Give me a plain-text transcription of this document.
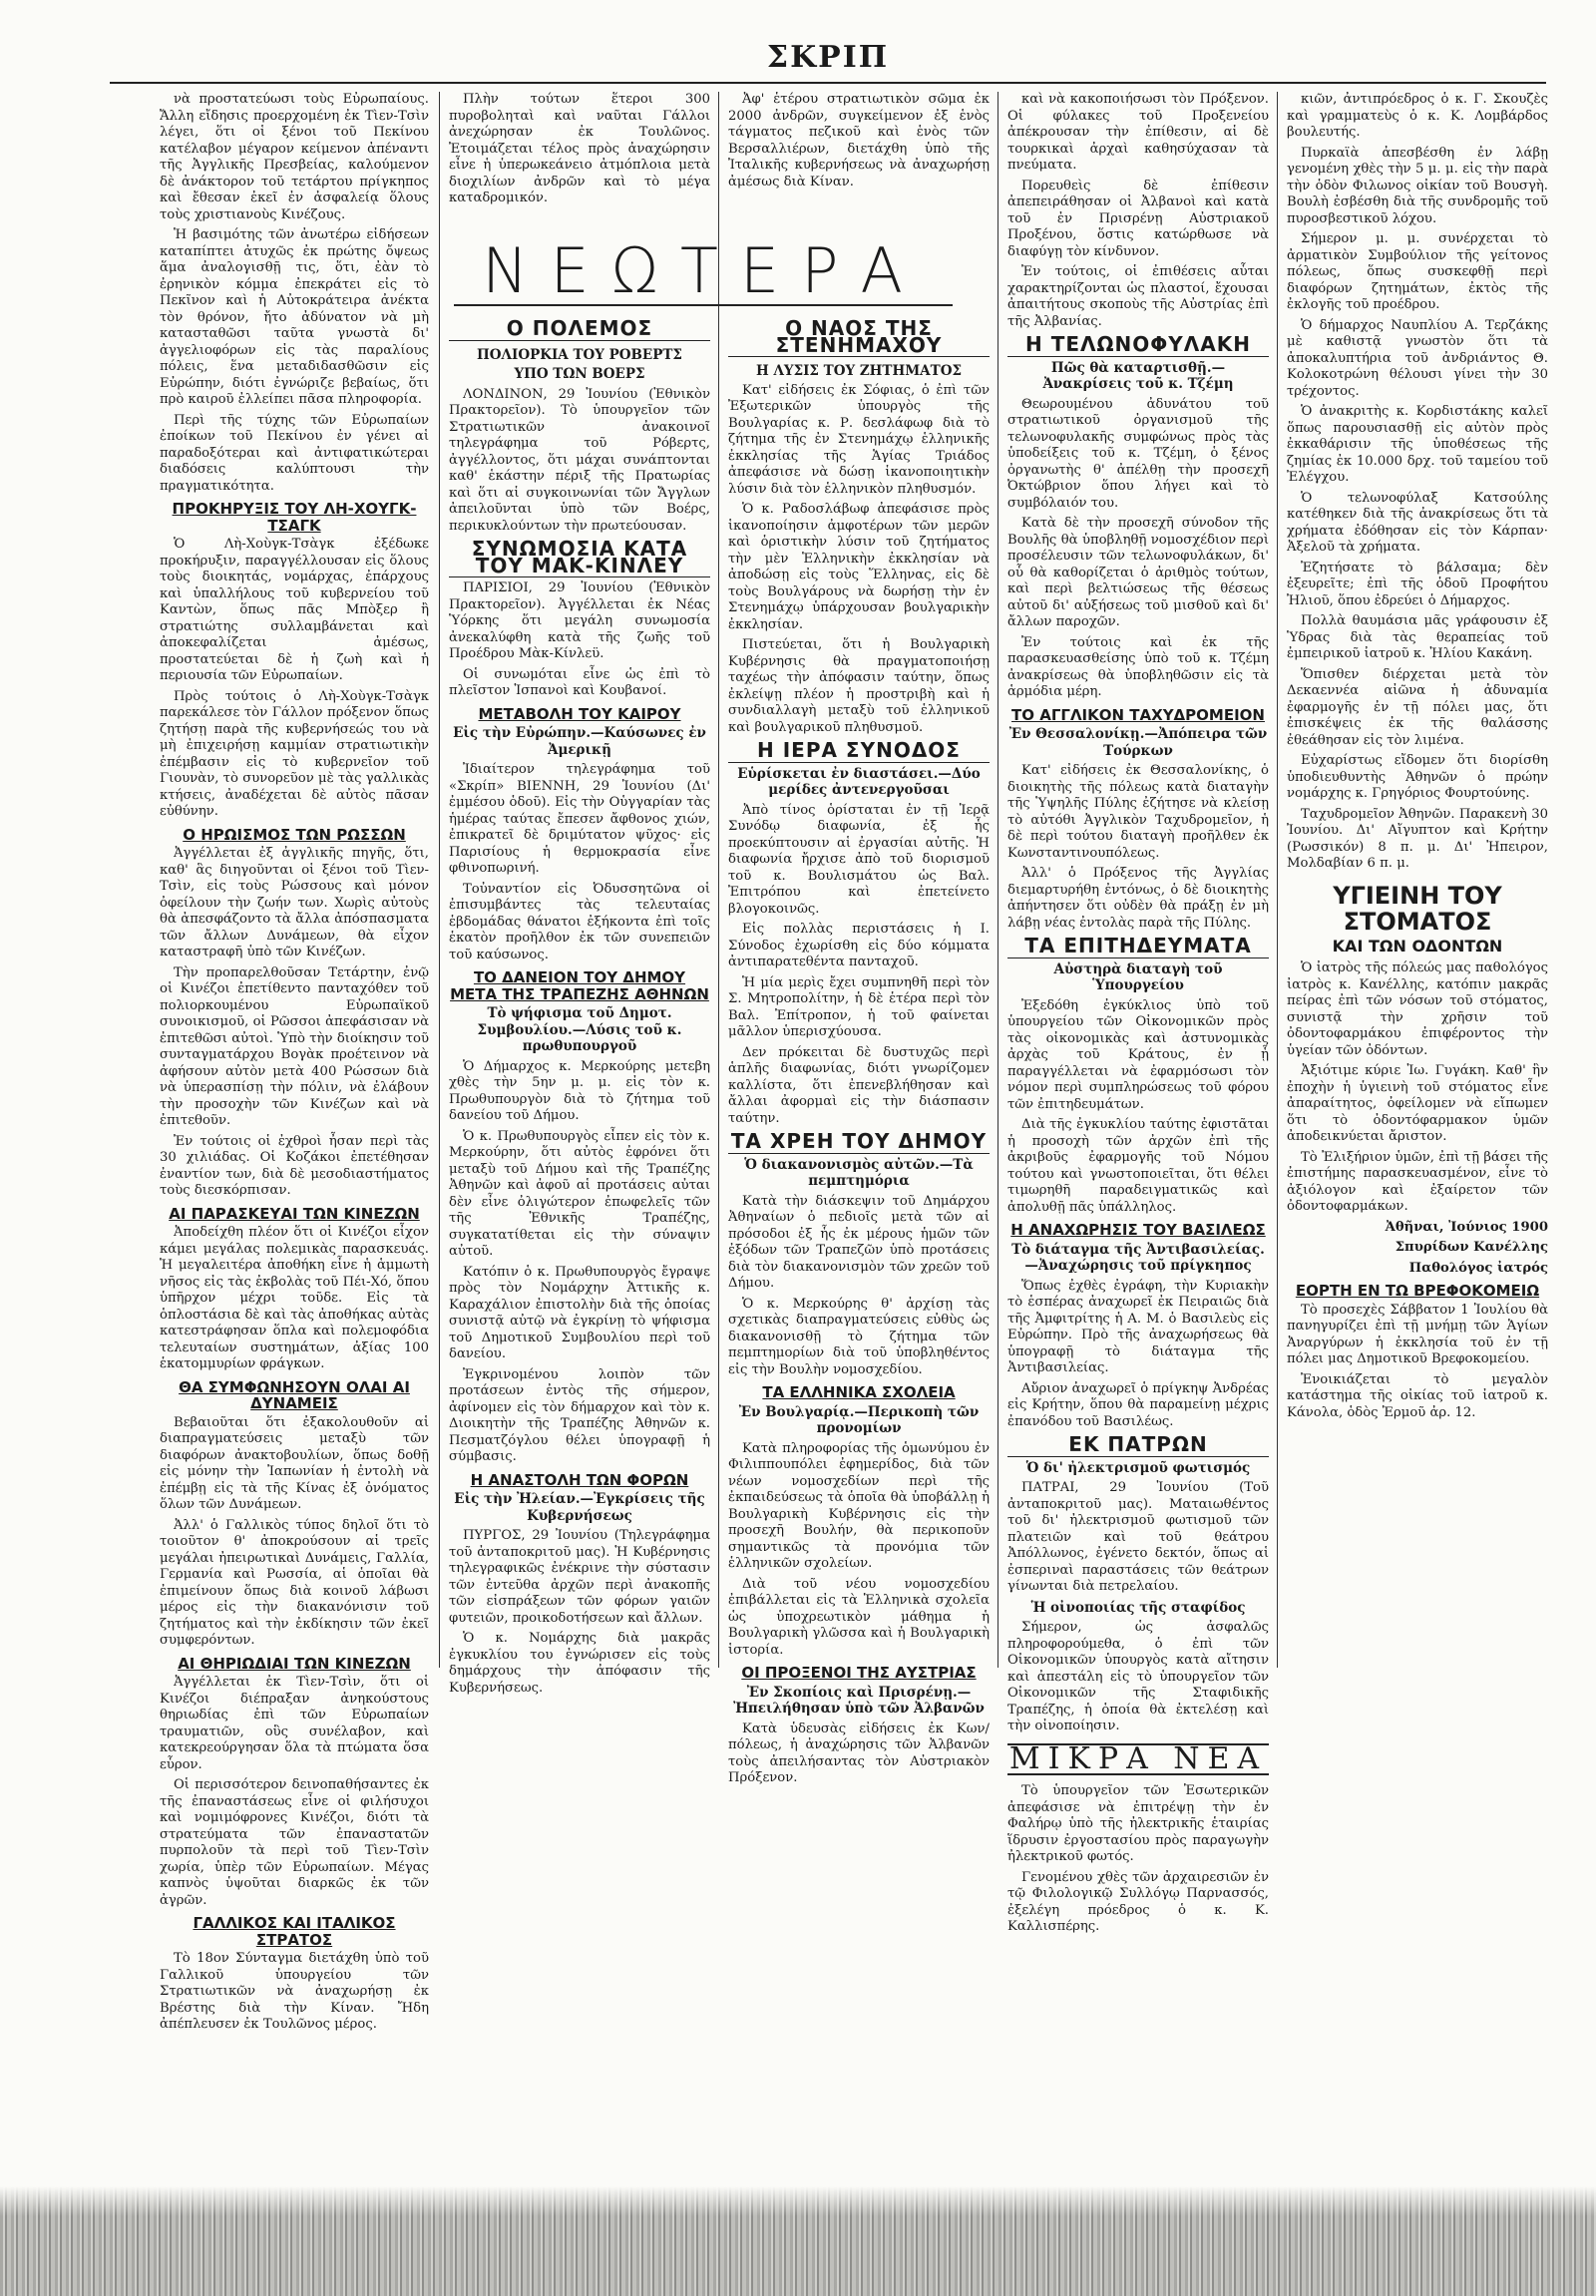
ΣΚΡΙΠ

νὰ προστατεύωσι τοὺς Εὐρωπαίους. Ἄλλη εἴδησις προερχομένη ἐκ Τὶεν-Τσὶν λέγει, ὅτι οἱ ξένοι τοῦ Πεκίνου κατέλαβον μέγαρον κείμενον ἀπέναντι τῆς Ἀγγλικῆς Πρεσβείας, καλούμενον δὲ ἀνάκτορον τοῦ τετάρτου πρίγκηπος καὶ ἔθεσαν ἐκεῖ ἐν ἀσφαλείᾳ ὅλους τοὺς χριστιανοὺς Κινέζους.

Ἡ βασιμότης τῶν ἀνωτέρω εἰδήσεων καταπίπτει ἀτυχῶς ἐκ πρώτης ὄψεως ἅμα ἀναλογισθῇ τις, ὅτι, ἐὰν τὸ ἐρηνικὸν κόμμα ἐπεκράτει εἰς τὸ Πεκῖνον καὶ ἡ Αὐτοκράτειρα ἀνέκτα τὸν θρόνον, ἤτο ἀδύνατον νὰ μὴ κατασταθῶσι ταῦτα γνωστὰ δι' ἀγγελιοφόρων εἰς τὰς παραλίους πόλεις, ἕνα μεταδιδασθῶσιν εἰς Εὐρώπην, διότι ἐγνώριζε βεβαίως, ὅτι πρὸ καιροῦ ἐλλείπει πᾶσα πληροφορία.

Περὶ τῆς τύχης τῶν Εὐρωπαίων ἐποίκων τοῦ Πεκίνου ἐν γένει αἱ παραδοξότεραι καὶ ἀντιφατικώτεραι διαδόσεις καλύπτουσι τὴν πραγματικότητα.

ΠΡΟΚΗΡΥΞΙΣ ΤΟΥ ΛΗ-ΧΟΥΓΚ-ΤΣΑΓΚ

Ὁ Λὴ-Χοὺγκ-Τσὰγκ ἐξέδωκε προκήρυξιν, παραγγέλλουσαν εἰς ὅλους τοὺς διοικητάς, νομάρχας, ἐπάρχους καὶ ὑπαλλήλους τοῦ κυβερνείου τοῦ Καντὼν, ὅπως πᾶς Μπὸξερ ἢ στρατιώτης συλλαμβάνεται καὶ ἀποκεφαλίζεται ἀμέσως, προστατεύεται δὲ ἡ ζωὴ καὶ ἡ περιουσία τῶν Εὐρωπαίων.

Πρὸς τούτοις ὁ Λὴ-Χοὺγκ-Τσὰγκ παρεκάλεσε τὸν Γάλλον πρόξενον ὅπως ζητήσῃ παρὰ τῆς κυβερνήσεώς του νὰ μὴ ἐπιχειρήσῃ καμμίαν στρατιωτικὴν ἐπέμβασιν εἰς τὸ κυβερνεῖον τοῦ Γιουνὰν, τὸ συνορεῦον μὲ τὰς γαλλικὰς κτήσεις, ἀναδέχεται δὲ αὐτὸς πᾶσαν εὐθύνην.

Ο ΗΡΩΙΣΜΟΣ ΤΩΝ ΡΩΣΣΩΝ

Ἀγγέλλεται ἐξ ἀγγλικῆς πηγῆς, ὅτι, καθ' ἃς διηγοῦνται οἱ ξένοι τοῦ Τὶεν-Τσὶν, εἰς τοὺς Ρώσσους καὶ μόνον ὀφείλουν τὴν ζωήν των. Χωρὶς αὐτοὺς θὰ ἀπεσφάζοντο τὰ ἄλλα ἀπόσπασματα τῶν ἄλλων Δυνάμεων, θὰ εἶχον καταστραφῆ ὑπὸ τῶν Κινέζων.

Τὴν προπαρελθοῦσαν Τετάρτην, ἐνῷ οἱ Κινέζοι ἐπετίθεντο πανταχόθεν τοῦ πολιορκουμένου Εὐρωπαϊκοῦ συνοικισμοῦ, οἱ Ρῶσσοι ἀπεφάσισαν νὰ ἐπιτεθῶσι αὐτοὶ. Ὑπὸ τὴν διοίκησιν τοῦ συνταγματάρχου Βογὰκ προέτεινον νὰ ἀφήσουν αὐτὸν μετὰ 400 Ρώσσων διὰ νὰ ὑπερασπίσῃ τὴν πόλιν, νὰ ἐλάβουν τὴν προσοχὴν τῶν Κινέζων καὶ νὰ ἐπιτεθοῦν.

Ἐν τούτοις οἱ ἐχθροὶ ἦσαν περὶ τὰς 30 χιλιάδας. Οἱ Κοζάκοι ἐπετέθησαν ἐναντίον των, διὰ δὲ μεσοδιαστήματος τοὺς διεσκόρπισαν.

ΑΙ ΠΑΡΑΣΚΕΥΑΙ ΤΩΝ ΚΙΝΕΖΩΝ

Ἀποδείχθη πλέον ὅτι οἱ Κινέζοι εἶχον κάμει μεγάλας πολεμικὰς παρασκευάς. Ἡ μεγαλειτέρα ἀποθήκη εἶνε ἡ ἁμμωτὴ νῆσος εἰς τὰς ἐκβολὰς τοῦ Πέι-Χό, ὅπου ὑπῆρχον μέχρι τοῦδε. Εἰς τὰ ὁπλοστάσια δὲ καὶ τὰς ἀποθήκας αὐτὰς κατεστράφησαν ὅπλα καὶ πολεμοφόδια τελευταίων συστημάτων, ἀξίας 100 ἑκατομμυρίων φράγκων.

ΘΑ ΣΥΜΦΩΝΗΣΟΥΝ ΟΛΑΙ ΑΙ ΔΥΝΑΜΕΙΣ

Βεβαιοῦται ὅτι ἐξακολουθοῦν αἱ διαπραγματεύσεις μεταξὺ τῶν διαφόρων ἀνακτοβουλίων, ὅπως δοθῇ εἰς μόνην τὴν Ἰαπωνίαν ἡ ἐντολὴ νὰ ἐπέμβῃ εἰς τὰ τῆς Κίνας ἐξ ὀνόματος ὅλων τῶν Δυνάμεων.

Ἀλλ' ὁ Γαλλικὸς τύπος δηλοῖ ὅτι τὸ τοιοῦτον θ' ἀποκρούσουν αἱ τρεῖς μεγάλαι ἠπειρωτικαὶ Δυνάμεις, Γαλλία, Γερμανία καὶ Ρωσσία, αἱ ὁποῖαι θὰ ἐπιμείνουν ὅπως διὰ κοινοῦ λάβωσι μέρος εἰς τὴν διακανόνισιν τοῦ ζητήματος καὶ τὴν ἐκδίκησιν τῶν ἐκεῖ συμφερόντων.

ΑΙ ΘΗΡΙΩΔΙΑΙ ΤΩΝ ΚΙΝΕΖΩΝ

Ἀγγέλλεται ἐκ Τὶεν-Τσὶν, ὅτι οἱ Κινέζοι διέπραξαν ἀνηκούστους θηριωδίας ἐπὶ τῶν Εὐρωπαίων τραυματιῶν, οὓς συνέλαβον, καὶ κατεκρεούργησαν ὅλα τὰ πτώματα ὅσα εὗρον.

Οἱ περισσότερον δεινοπαθήσαντες ἐκ τῆς ἐπαναστάσεως εἶνε οἱ φιλήσυχοι καὶ νομιμόφρονες Κινέζοι, διότι τὰ στρατεύματα τῶν ἐπαναστατῶν πυρπολοῦν τὰ περὶ τοῦ Τὶεν-Τσὶν χωρία, ὑπὲρ τῶν Εὐρωπαίων. Μέγας καπνὸς ὑψοῦται διαρκῶς ἐκ τῶν ἀγρῶν.

ΓΑΛΛΙΚΟΣ ΚΑΙ ΙΤΑΛΙΚΟΣ ΣΤΡΑΤΟΣ

Τὸ 18ον Σύνταγμα διετάχθη ὑπὸ τοῦ Γαλλικοῦ ὑπουργείου τῶν Στρατιωτικῶν νὰ ἀναχωρήσῃ ἐκ Βρέστης διὰ τὴν Κίναν. Ἤδη ἀπέπλευσεν ἐκ Τουλῶνος μέρος.

Πλὴν τούτων ἕτεροι 300 πυροβοληταὶ καὶ ναῦται Γάλλοι ἀνεχώρησαν ἐκ Τουλῶνος. Ἐτοιμάζεται τέλος πρὸς ἀναχώρησιν εἶνε ἡ ὑπερωκεάνειο ἀτμόπλοια μετὰ διοχιλίων ἀνδρῶν καὶ τὸ μέγα καταδρομικόν.

ΝΕΩΤΕΡΑ
Ο ΠΟΛΕΜΟΣ
ΠΟΛΙΟΡΚΙΑ ΤΟΥ ΡΟΒΕΡΤΣ
ΥΠΟ ΤΩΝ ΒΟΕΡΣ

ΛΟΝΔΙΝΟΝ, 29 Ἰουνίου (Ἐθνικὸν Πρακτορεῖον). Τὸ ὑπουργεῖον τῶν Στρατιωτικῶν ἀνακοινοῖ τηλεγράφημα τοῦ Ρόβερτς, ἀγγέλλοντος, ὅτι μάχαι συνάπτονται καθ' ἑκάστην πέριξ τῆς Πρατωρίας καὶ ὅτι αἱ συγκοινωνίαι τῶν Ἄγγλων ἀπειλοῦνται ὑπὸ τῶν Βοέρς, περικυκλούντων τὴν πρωτεύουσαν.

ΣΥΝΩΜΟΣΙΑ ΚΑΤΑ ΤΟΥ ΜΑΚ-ΚΙΝΛΕΥ

ΠΑΡΙΣΙΟΙ, 29 Ἰουνίου (Ἐθνικὸν Πρακτορεῖον). Ἀγγέλλεται ἐκ Νέας Ὑόρκης ὅτι μεγάλη συνωμοσία ἀνεκαλύφθη κατὰ τῆς ζωῆς τοῦ Προέδρου Μὰκ-Κίνλεϋ.

Οἱ συνωμόται εἶνε ὡς ἐπὶ τὸ πλεῖστον Ἱσπανοὶ καὶ Κουβανοί.

ΜΕΤΑΒΟΛΗ ΤΟΥ ΚΑΙΡΟΥ
Εἰς τὴν Εὐρώπην.—Καύσωνες ἐν Ἀμερικῇ

Ἰδιαίτερον τηλεγράφημα τοῦ «Σκρίπ» ΒΙΕΝΝΗ, 29 Ἰουνίου (Δι' ἐμμέσου ὁδοῦ). Εἰς τὴν Οὑγγαρίαν τὰς ἡμέρας ταύτας ἔπεσεν ἄφθονος χιών, ἐπικρατεῖ δὲ δριμύτατον ψῦχος· εἰς Παρισίους ἡ θερμοκρασία εἶνε φθινοπωρινή.

Τοὐναντίον εἰς Ὀδυσσητῶνα οἱ ἐπισυμβάντες τὰς τελευταίας ἑβδομάδας θάνατοι ἐξήκοντα ἐπὶ τοῖς ἑκατὸν προῆλθον ἐκ τῶν συνεπειῶν τοῦ καύσωνος.

ΤΟ ΔΑΝΕΙΟΝ ΤΟΥ ΔΗΜΟΥ ΜΕΤΑ ΤΗΣ ΤΡΑΠΕΖΗΣ ΑΘΗΝΩΝ
Τὸ ψήφισμα τοῦ Δημοτ. Συμβουλίου.—Λύσις τοῦ κ. πρωθυπουργοῦ

Ὁ Δήμαρχος κ. Μερκούρης μετεβη χθὲς τὴν 5ην μ. μ. εἰς τὸν κ. Πρωθυπουργὸν διὰ τὸ ζήτημα τοῦ δανείου τοῦ Δήμου.

Ὁ κ. Πρωθυπουργὸς εἶπεν εἰς τὸν κ. Μερκούρην, ὅτι αὐτὸς ἐφρόνει ὅτι μεταξὺ τοῦ Δήμου καὶ τῆς Τραπέζης Ἀθηνῶν καὶ ἀφοῦ αἱ προτάσεις αὐται δὲν εἶνε ὀλιγώτερον ἐπωφελεῖς τῶν τῆς Ἐθνικῆς Τραπέζης, συγκατατίθεται εἰς τὴν σύναψιν αὐτοῦ.

Κατόπιν ὁ κ. Πρωθυπουργὸς ἔγραψε πρὸς τὸν Νομάρχην Ἀττικῆς κ. Καραχάλιον ἐπιστολὴν διὰ τῆς ὁποίας συνιστᾷ αὐτῷ νὰ ἐγκρίνῃ τὸ ψήφισμα τοῦ Δημοτικοῦ Συμβουλίου περὶ τοῦ δανείου.

Ἐγκρινομένου λοιπὸν τῶν προτάσεων ἐντὸς τῆς σήμερον, ἀφίνομεν εἰς τὸν δήμαρχον καὶ τὸν κ. Διοικητὴν τῆς Τραπέζης Ἀθηνῶν κ. Πεσματζόγλου θέλει ὑπογραφῇ ἡ σύμβασις.

Η ΑΝΑΣΤΟΛΗ ΤΩΝ ΦΟΡΩΝ
Εἰς τὴν Ἠλείαν.—Ἐγκρίσεις τῆς Κυβερνήσεως

ΠΥΡΓΟΣ, 29 Ἰουνίου (Τηλεγράφημα τοῦ ἀνταποκριτοῦ μας). Ἡ Κυβέρνησις τηλεγραφικῶς ἐνέκρινε τὴν σύστασιν τῶν ἐντεῦθα ἀρχῶν περὶ ἀνακοπῆς τῶν εἰσπράξεων τῶν φόρων γαιῶν φυτειῶν, προικοδοτήσεων καὶ ἄλλων.

Ὁ κ. Νομάρχης διὰ μακρᾶς ἐγκυκλίου του ἐγνώρισεν εἰς τοὺς δημάρχους τὴν ἀπόφασιν τῆς Κυβερνήσεως.

Ἀφ' ἑτέρου στρατιωτικὸν σῶμα ἐκ 2000 ἀνδρῶν, συγκείμενον ἐξ ἑνὸς τάγματος πεζικοῦ καὶ ἑνὸς τῶν Βερσαλλιέρων, διετάχθη ὑπὸ τῆς Ἰταλικῆς κυβερνήσεως νὰ ἀναχωρήσῃ ἀμέσως διὰ Κίναν.

Ο ΝΑΟΣ ΤΗΣ ΣΤΕΝΗΜΑΧΟΥ
Η ΛΥΣΙΣ ΤΟΥ ΖΗΤΗΜΑΤΟΣ

Κατ' εἰδήσεις ἐκ Σόφιας, ὁ ἐπὶ τῶν Ἐξωτερικῶν ὑπουργὸς τῆς Βουλγαρίας κ. Ρ. δεσλάφωφ διὰ τὸ ζήτημα τῆς ἐν Στενημάχῳ ἑλληνικῆς ἐκκλησίας τῆς Ἁγίας Τριάδος ἀπεφάσισε νὰ δώσῃ ἱκανοποιητικὴν λύσιν διὰ τὸν ἑλληνικὸν πληθυσμόν.

Ὁ κ. Ραδοσλάβωφ ἀπεφάσισε πρὸς ἱκανοποίησιν ἀμφοτέρων τῶν μερῶν καὶ ὁριστικὴν λύσιν τοῦ ζητήματος τὴν μὲν Ἑλληνικὴν ἐκκλησίαν νὰ ἀποδώσῃ εἰς τοὺς Ἕλληνας, εἰς δὲ τοὺς Βουλγάρους νὰ δωρήσῃ τὴν ἐν Στενημάχῳ ὑπάρχουσαν βουλγαρικὴν ἐκκλησίαν.

Πιστεύεται, ὅτι ἡ Βουλγαρικὴ Κυβέρνησις θὰ πραγματοποιήσῃ ταχέως τὴν ἀπόφασιν ταύτην, ὅπως ἐκλείψῃ πλέον ἡ προστριβὴ καὶ ἡ συνδιαλλαγὴ μεταξὺ τοῦ ἑλληνικοῦ καὶ βουλγαρικοῦ πληθυσμοῦ.

Η ΙΕΡΑ ΣΥΝΟΔΟΣ
Εὑρίσκεται ἐν διαστάσει.—Δύο μερίδες ἀντενεργοῦσαι

Ἀπὸ τίνος ὁρίσταται ἐν τῇ Ἱερᾷ Συνόδῳ διαφωνία, ἐξ ἧς προεκύπτουσιν αἱ ἐργασίαι αὐτῆς. Ἡ διαφωνία ἤρχισε ἀπὸ τοῦ διορισμοῦ τοῦ κ. Βουλισμάτου ὡς Βαλ. Ἐπιτρόπου καὶ ἐπετείνετο βλογοκοινῶς.

Εἰς πολλὰς περιστάσεις ἡ Ι. Σύνοδος ἐχωρίσθη εἰς δύο κόμματα ἀντιπαρατεθέντα πανταχοῦ.

Ἡ μία μερὶς ἔχει συμπνηθῆ περὶ τὸν Σ. Μητροπολίτην, ἡ δὲ ἑτέρα περὶ τὸν Βαλ. Ἐπίτροπον, ἡ τοῦ φαίνεται μᾶλλον ὑπερισχύουσα.

Δεν πρόκειται δὲ δυστυχῶς περὶ ἁπλῆς διαφωνίας, διότι γνωρίζομεν καλλίστα, ὅτι ἐπενεβλήθησαν καὶ ἄλλαι ἀφορμαὶ εἰς τὴν διάσπασιν ταύτην.

ΤΑ ΧΡΕΗ ΤΟΥ ΔΗΜΟΥ
Ὁ διακανονισμὸς αὐτῶν.—Τὰ πεμπτημόρια

Κατὰ τὴν διάσκεψιν τοῦ Δημάρχου Ἀθηναίων ὁ πεδιοῖς μετὰ τῶν αἱ πρόσοδοι ἐξ ἧς ἐκ μέρους ἡμῶν τῶν ἐξόδων τῶν Τραπεζῶν ὑπὸ προτάσεις διὰ τὸν διακανονισμὸν τῶν χρεῶν τοῦ Δήμου.

Ὁ κ. Μερκούρης θ' ἀρχίσῃ τὰς σχετικὰς διαπραγματεύσεις εὐθὺς ὡς διακανονισθῇ τὸ ζήτημα τῶν πεμπτημορίων διὰ τοῦ ὑποβληθέντος εἰς τὴν Βουλὴν νομοσχεδίου.

ΤΑ ΕΛΛΗΝΙΚΑ ΣΧΟΛΕΙΑ
Ἐν Βουλγαρίᾳ.—Περικοπὴ τῶν προνομίων

Κατὰ πληροφορίας τῆς ὁμωνύμου ἐν Φιλιππουπόλει ἐφημερίδος, διὰ τῶν νέων νομοσχεδίων περὶ τῆς ἐκπαιδεύσεως τὰ ὁποῖα θὰ ὑποβάλλῃ ἡ Βουλγαρικὴ Κυβέρνησις εἰς τὴν προσεχῆ Βουλήν, θὰ περικοποῦν σημαντικῶς τὰ προνόμια τῶν ἑλληνικῶν σχολείων.

Διὰ τοῦ νέου νομοσχεδίου ἐπιβάλλεται εἰς τὰ Ἑλληνικὰ σχολεῖα ὡς ὑποχρεωτικὸν μάθημα ἡ Βουλγαρικὴ γλῶσσα καὶ ἡ Βουλγαρικὴ ἱστορία.

ΟΙ ΠΡΟΞΕΝΟΙ ΤΗΣ ΑΥΣΤΡΙΑΣ
Ἐν Σκοπίοις καὶ Πρισρένῃ.—Ἠπειλήθησαν ὑπὸ τῶν Ἀλβανῶν

Κατὰ ὑδευσὰς εἰδήσεις ἐκ Κων/πόλεως, ἡ ἀναχώρησις τῶν Ἀλβανῶν τοὺς ἀπειλήσαντας τὸν Αὐστριακὸν Πρόξενον.

καὶ νὰ κακοποιήσωσι τὸν Πρόξενον. Οἱ φύλακες τοῦ Προξενείου ἀπέκρουσαν τὴν ἐπίθεσιν, αἱ δὲ τουρκικαὶ ἀρχαὶ καθησύχασαν τὰ πνεύματα.

Πορευθεὶς δὲ ἐπίθεσιν ἀπεπειράθησαν οἱ Ἀλβανοὶ καὶ κατὰ τοῦ ἐν Πρισρένῃ Αὐστριακοῦ Προξένου, ὅστις κατώρθωσε νὰ διαφύγῃ τὸν κίνδυνον.

Ἐν τούτοις, οἱ ἐπιθέσεις αὗται χαρακτηρίζονται ὡς πλαστοί, ἔχουσαι ἀπαιτήτους σκοποὺς τῆς Αὐστρίας ἐπὶ τῆς Ἀλβανίας.

Η ΤΕΛΩΝΟΦΥΛΑΚΗ
Πῶς θὰ καταρτισθῇ.—Ἀνακρίσεις τοῦ κ. Τζέμη

Θεωρουμένου ἀδυνάτου τοῦ στρατιωτικοῦ ὀργανισμοῦ τῆς τελωνοφυλακῆς συμφώνως πρὸς τὰς ὑποδείξεις τοῦ κ. Τζέμη, ὁ ξένος ὀργανωτὴς θ' ἀπέλθῃ τὴν προσεχῆ Ὀκτώβριον ὅπου λήγει καὶ τὸ συμβόλαιόν του.

Κατὰ δὲ τὴν προσεχῆ σύνοδον τῆς Βουλῆς θὰ ὑποβληθῇ νομοσχέδιον περὶ προσέλευσιν τῶν τελωνοφυλάκων, δι' οὗ θὰ καθορίζεται ὁ ἀριθμὸς τούτων, καὶ περὶ βελτιώσεως τῆς θέσεως αὐτοῦ δι' αὐξήσεως τοῦ μισθοῦ καὶ δι' ἄλλων παροχῶν.

Ἐν τούτοις καὶ ἐκ τῆς παρασκευασθείσης ὑπὸ τοῦ κ. Τζέμη ἀνακρίσεως θὰ ὑποβληθῶσιν εἰς τὰ ἁρμόδια μέρη.

ΤΟ ΑΓΓΛΙΚΟΝ ΤΑΧΥΔΡΟΜΕΙΟΝ
Ἐν Θεσσαλονίκῃ.—Ἀπόπειρα τῶν Τούρκων

Κατ' εἰδήσεις ἐκ Θεσσαλονίκης, ὁ διοικητὴς τῆς πόλεως κατὰ διαταγὴν τῆς Ὑψηλῆς Πύλης ἐζήτησε νὰ κλείσῃ τὸ αὐτόθι Ἀγγλικὸν Ταχυδρομεῖον, ἡ δὲ περὶ τούτου διαταγὴ προῆλθεν ἐκ Κωνσταντινουπόλεως.

Ἀλλ' ὁ Πρόξενος τῆς Ἀγγλίας διεμαρτυρήθη ἐντόνως, ὁ δὲ διοικητὴς ἀπήντησεν ὅτι οὐδὲν θὰ πράξῃ ἐν μὴ λάβῃ νέας ἐντολὰς παρὰ τῆς Πύλης.

ΤΑ ΕΠΙΤΗΔΕΥΜΑΤΑ
Αὐστηρὰ διαταγὴ τοῦ Ὑπουργείου

Ἐξεδόθη ἐγκύκλιος ὑπὸ τοῦ ὑπουργείου τῶν Οἰκονομικῶν πρὸς τὰς οἰκονομικὰς καὶ ἀστυνομικὰς ἀρχὰς τοῦ Κράτους, ἐν ᾗ παραγγέλλεται νὰ ἐφαρμόσωσι τὸν νόμον περὶ συμπληρώσεως τοῦ φόρου τῶν ἐπιτηδευμάτων.

Διὰ τῆς ἐγκυκλίου ταύτης ἐφιστᾶται ἡ προσοχὴ τῶν ἀρχῶν ἐπὶ τῆς ἀκριβοῦς ἐφαρμογῆς τοῦ Νόμου τούτου καὶ γνωστοποιεῖται, ὅτι θέλει τιμωρηθῆ παραδειγματικῶς καὶ ἀπολυθῇ πᾶς ὑπάλληλος.

Η ΑΝΑΧΩΡΗΣΙΣ ΤΟΥ ΒΑΣΙΛΕΩΣ
Τὸ διάταγμα τῆς Ἀντιβασιλείας.—Ἀναχώρησις τοῦ πρίγκηπος

Ὅπως ἐχθὲς ἐγράφη, τὴν Κυριακὴν τὸ ἑσπέρας ἀναχωρεῖ ἐκ Πειραιῶς διὰ τῆς Ἀμφιτρίτης ἡ Α. Μ. ὁ Βασιλεὺς εἰς Εὐρώπην. Πρὸ τῆς ἀναχωρήσεως θὰ ὑπογραφῇ τὸ διάταγμα τῆς Ἀντιβασιλείας.

Αὔριον ἀναχωρεῖ ὁ πρίγκηψ Ἀνδρέας εἰς Κρήτην, ὅπου θὰ παραμείνῃ μέχρις ἐπανόδου τοῦ Βασιλέως.

ΕΚ ΠΑΤΡΩΝ
Ὁ δι' ἠλεκτρισμοῦ φωτισμός

ΠΑΤΡΑΙ, 29 Ἰουνίου (Τοῦ ἀνταποκριτοῦ μας). Ματαιωθέντος τοῦ δι' ἠλεκτρισμοῦ φωτισμοῦ τῶν πλατειῶν καὶ τοῦ θεάτρου Ἀπόλλωνος, ἐγένετο δεκτόν, ὅπως αἱ ἐσπεριναὶ παραστάσεις τῶν θεάτρων γίνωνται διὰ πετρελαίου.

Ἡ οἰνοποιίας τῆς σταφίδος

Σήμερον, ὡς ἀσφαλῶς πληροφορούμεθα, ὁ ἐπὶ τῶν Οἰκονομικῶν ὑπουργὸς κατὰ αἴτησιν καὶ ἀπεστάλη εἰς τὸ ὑπουργεῖον τῶν Οἰκονομικῶν τῆς Σταφιδικῆς Τραπέζης, ἡ ὁποία θὰ ἐκτελέσῃ καὶ τὴν οἰνοποίησιν.

ΜΙΚΡΑ ΝΕΑ

Τὸ ὑπουργεῖον τῶν Ἐσωτερικῶν ἀπεφάσισε νὰ ἐπιτρέψῃ τὴν ἐν Φαλήρῳ ὑπὸ τῆς ἠλεκτρικῆς ἑταιρίας ἵδρυσιν ἐργοστασίου πρὸς παραγωγὴν ἠλεκτρικοῦ φωτός.

Γενομένου χθὲς τῶν ἀρχαιρεσιῶν ἐν τῷ Φιλολογικῷ Συλλόγῳ Παρνασσός, ἐξελέγη πρόεδρος ὁ κ. Κ. Καλλισπέρης.

κιῶν, ἀντιπρόεδρος ὁ κ. Γ. Σκουζὲς καὶ γραμματεὺς ὁ κ. Κ. Λομβάρδος βουλευτής.

Πυρκαϊὰ ἀπεσβέσθη ἐν λάβῃ γενομένη χθὲς τὴν 5 μ. μ. εἰς τὴν παρὰ τὴν ὁδὸν Φιλωνος οἰκίαν τοῦ Βουσγὴ. Βουλὴ ἐσβέσθη διὰ τῆς συνδρομῆς τοῦ πυροσβεστικοῦ λόχου.

Σήμερον μ. μ. συνέρχεται τὸ ἀρματικὸν Συμβούλιον τῆς γείτονος πόλεως, ὅπως συσκεφθῇ περὶ διαφόρων ζητημάτων, ἐκτὸς τῆς ἐκλογῆς τοῦ προέδρου.

Ὁ δήμαρχος Ναυπλίου Α. Τερζάκης μὲ καθιστᾷ γνωστὸν ὅτι τὰ ἀποκαλυπτήρια τοῦ ἀνδριάντος Θ. Κολοκοτρώνη θέλουσι γίνει τὴν 30 τρέχοντος.

Ὁ ἀνακριτὴς κ. Κορδιστάκης καλεῖ ὅπως παρουσιασθῇ εἰς αὐτὸν πρὸς ἐκκαθάρισιν τῆς ὑποθέσεως τῆς ζημίας ἐκ 10.000 δρχ. τοῦ ταμείου τοῦ Ἐλέγχου.

Ὁ τελωνοφύλαξ Κατσούλης κατέθηκεν διὰ τῆς ἀνακρίσεως ὅτι τὰ χρήματα ἐδόθησαν εἰς τὸν Κάρπαν· Ἀξελοῦ τὰ χρήματα.

Ἐζητήσατε τὸ βάλσαμα; δὲν ἐξευρεῖτε; ἐπὶ τῆς ὁδοῦ Προφήτου Ἠλιοῦ, ὅπου ἐδρεύει ὁ Δήμαρχος.

Πολλὰ θαυμάσια μᾶς γράφουσιν ἐξ Ὑδρας διὰ τὰς θεραπείας τοῦ ἐμπειρικοῦ ἰατροῦ κ. Ἠλίου Κακάνη.

Ὅπισθεν διέρχεται μετὰ τὸν Δεκαεννέα αἰῶνα ἡ ἀδυναμία ἐφαρμογῆς ἐν τῇ πόλει μας, ὅτι ἐπισκέψεις ἐκ τῆς θαλάσσης ἐθεάθησαν εἰς τὸν λιμένα.

Εὐχαρίστως εἴδομεν ὅτι διορίσθη ὑποδιευθυντὴς Ἀθηνῶν ὁ πρώην νομάρχης κ. Γρηγόριος Φουρτούνης.

Ταχυδρομεῖον Ἀθηνῶν. Παρακενὴ 30 Ἰουνίου. Δι' Αἴγυπτον καὶ Κρήτην (Ρωσσικόν) 8 π. μ. Δι' Ἠπειρον, Μολδαβίαν 6 π. μ.

ΥΓΙΕΙΝΗ ΤΟΥ ΣΤΟΜΑΤΟΣ
ΚΑΙ ΤΩΝ ΟΔΟΝΤΩΝ

Ὁ ἰατρὸς τῆς πόλεώς μας παθολόγος ἰατρὸς κ. Κανέλλης, κατόπιν μακρᾶς πείρας ἐπὶ τῶν νόσων τοῦ στόματος, συνιστᾷ τὴν χρῆσιν τοῦ ὀδοντοφαρμάκου ἐπιφέροντος τὴν ὑγείαν τῶν ὀδόντων.

Ἀξιότιμε κύριε Ἰω. Γυγάκη. Καθ' ἣν ἐποχὴν ἡ ὑγιεινὴ τοῦ στόματος εἶνε ἀπαραίτητος, ὀφείλομεν νὰ εἴπωμεν ὅτι τὸ ὀδοντόφαρμακον ὑμῶν ἀποδεικνύεται ἄριστον.

Τὸ Ἐλιξήριον ὑμῶν, ἐπὶ τῇ βάσει τῆς ἐπιστήμης παρασκευασμένον, εἶνε τὸ ἀξιόλογον καὶ ἐξαίρετον τῶν ὀδοντοφαρμάκων.

Ἀθῆναι, Ἰούνιος 1900

Σπυρίδων Κανέλλης

Παθολόγος ἰατρός

ΕΟΡΤΗ ΕΝ ΤΩ ΒΡΕΦΟΚΟΜΕΙΩ

Τὸ προσεχὲς Σάββατον 1 Ἰουλίου θὰ πανηγυρίζει ἐπὶ τῇ μνήμῃ τῶν Ἁγίων Ἀναργύρων ἡ ἐκκλησία τοῦ ἐν τῇ πόλει μας Δημοτικοῦ Βρεφοκομείου.

Ἐνοικιάζεται τὸ μεγαλὸν κατάστημα τῆς οἰκίας τοῦ ἰατροῦ κ. Κάνολα, ὁδὸς Ἐρμοῦ ἀρ. 12.
